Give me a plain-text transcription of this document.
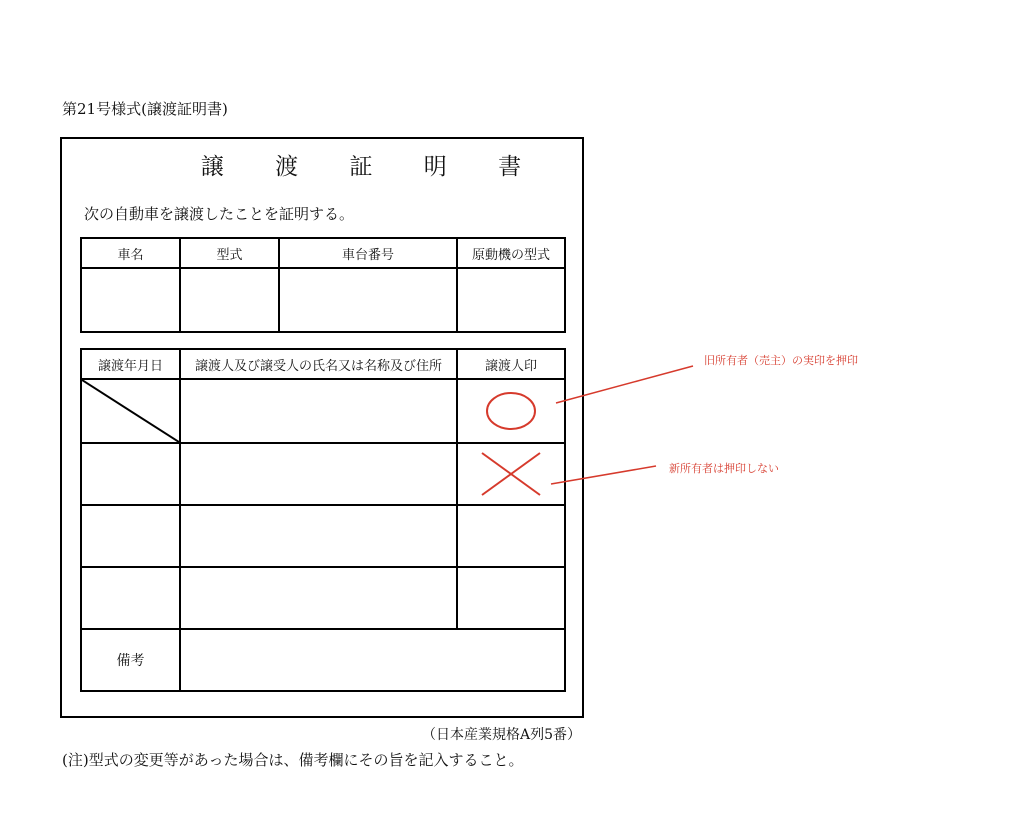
第21号様式(譲渡証明書)
譲 渡 証 明 書
次の自動車を譲渡したことを証明する。
車名	型式	車台番号	原動機の型式

譲渡年月日	譲渡人及び譲受人の氏名又は名称及び住所	譲渡人印

備考		
（日本産業規格A列5番）
(注)型式の変更等があった場合は、備考欄にその旨を記入すること。
旧所有者（売主）の実印を押印
新所有者は押印しない
